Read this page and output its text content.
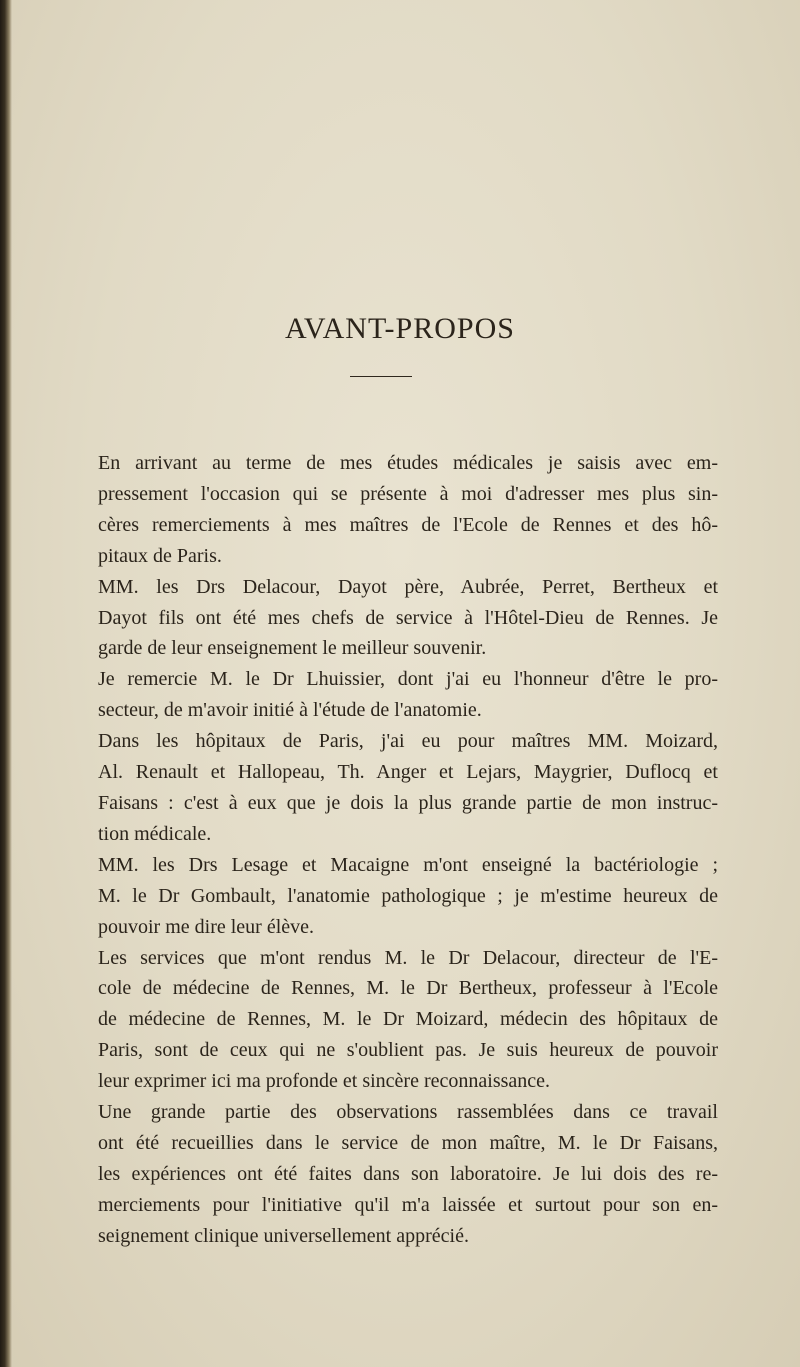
AVANT-PROPOS

En arrivant au terme de mes études médicales je saisis avec em-
pressement l'occasion qui se présente à moi d'adresser mes plus sin-
cères remerciements à mes maîtres de l'Ecole de Rennes et des hô-
pitaux de Paris.

MM. les Drs Delacour, Dayot père, Aubrée, Perret, Bertheux et
Dayot fils ont été mes chefs de service à l'Hôtel-Dieu de Rennes. Je
garde de leur enseignement le meilleur souvenir.

Je remercie M. le Dr Lhuissier, dont j'ai eu l'honneur d'être le pro-
secteur, de m'avoir initié à l'étude de l'anatomie.

Dans les hôpitaux de Paris, j'ai eu pour maîtres MM. Moizard,
Al. Renault et Hallopeau, Th. Anger et Lejars, Maygrier, Duflocq et
Faisans : c'est à eux que je dois la plus grande partie de mon instruc-
tion médicale.

MM. les Drs Lesage et Macaigne m'ont enseigné la bactériologie ;
M. le Dr Gombault, l'anatomie pathologique ; je m'estime heureux de
pouvoir me dire leur élève.

Les services que m'ont rendus M. le Dr Delacour, directeur de l'E-
cole de médecine de Rennes, M. le Dr Bertheux, professeur à l'Ecole
de médecine de Rennes, M. le Dr Moizard, médecin des hôpitaux de
Paris, sont de ceux qui ne s'oublient pas. Je suis heureux de pouvoir
leur exprimer ici ma profonde et sincère reconnaissance.

Une grande partie des observations rassemblées dans ce travail
ont été recueillies dans le service de mon maître, M. le Dr Faisans,
les expériences ont été faites dans son laboratoire. Je lui dois des re-
merciements pour l'initiative qu'il m'a laissée et surtout pour son en-
seignement clinique universellement apprécié.
